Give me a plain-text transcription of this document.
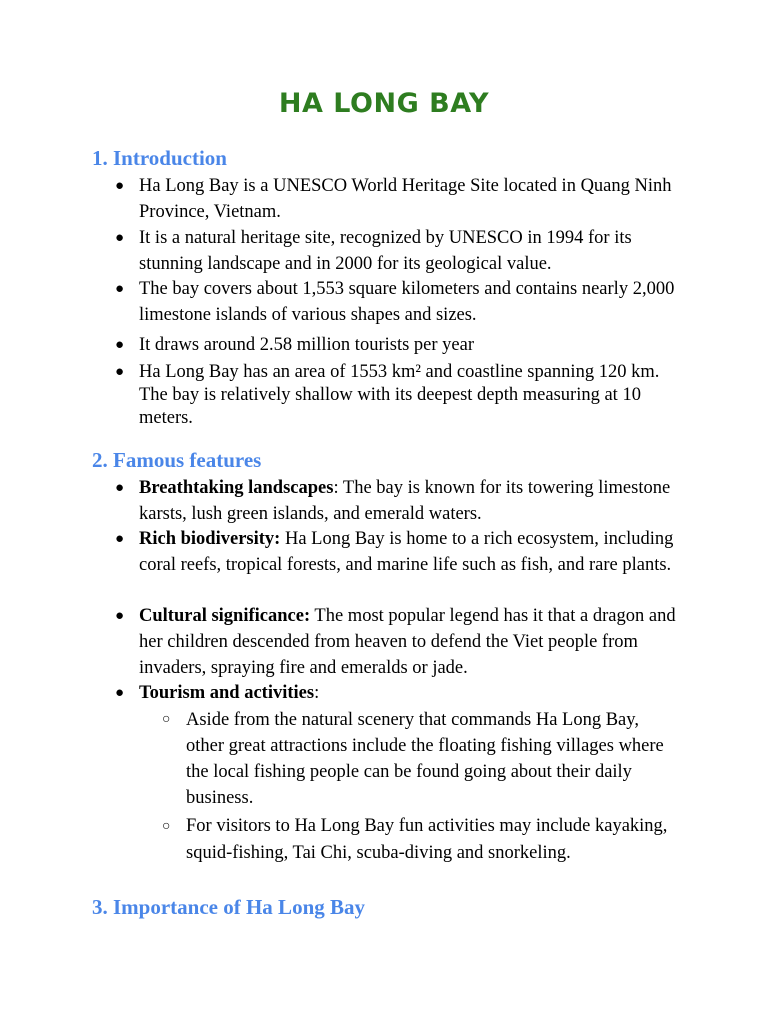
HA LONG BAY
1. Introduction

● Ha Long Bay is a UNESCO World Heritage Site located in Quang Ninh Province, Vietnam.

● It is a natural heritage site, recognized by UNESCO in 1994 for its stunning landscape and in 2000 for its geological value.

● The bay covers about 1,553 square kilometers and contains nearly 2,000 limestone islands of various shapes and sizes.

● It draws around 2.58 million tourists per year

● Ha Long Bay has an area of 1553 km² and coastline spanning 120 km. The bay is relatively shallow with its deepest depth measuring at 10 meters.

2. Famous features

● Breathtaking landscapes: The bay is known for its towering limestone karsts, lush green islands, and emerald waters.

● Rich biodiversity: Ha Long Bay is home to a rich ecosystem, including coral reefs, tropical forests, and marine life such as fish, and rare plants.

● Cultural significance: The most popular legend has it that a dragon and her children descended from heaven to defend the Viet people from invaders, spraying fire and emeralds or jade.

● Tourism and activities:

○ Aside from the natural scenery that commands Ha Long Bay, other great attractions include the floating fishing villages where the local fishing people can be found going about their daily business.

○ For visitors to Ha Long Bay fun activities may include kayaking, squid-fishing, Tai Chi, scuba-diving and snorkeling.

3. Importance of Ha Long Bay
